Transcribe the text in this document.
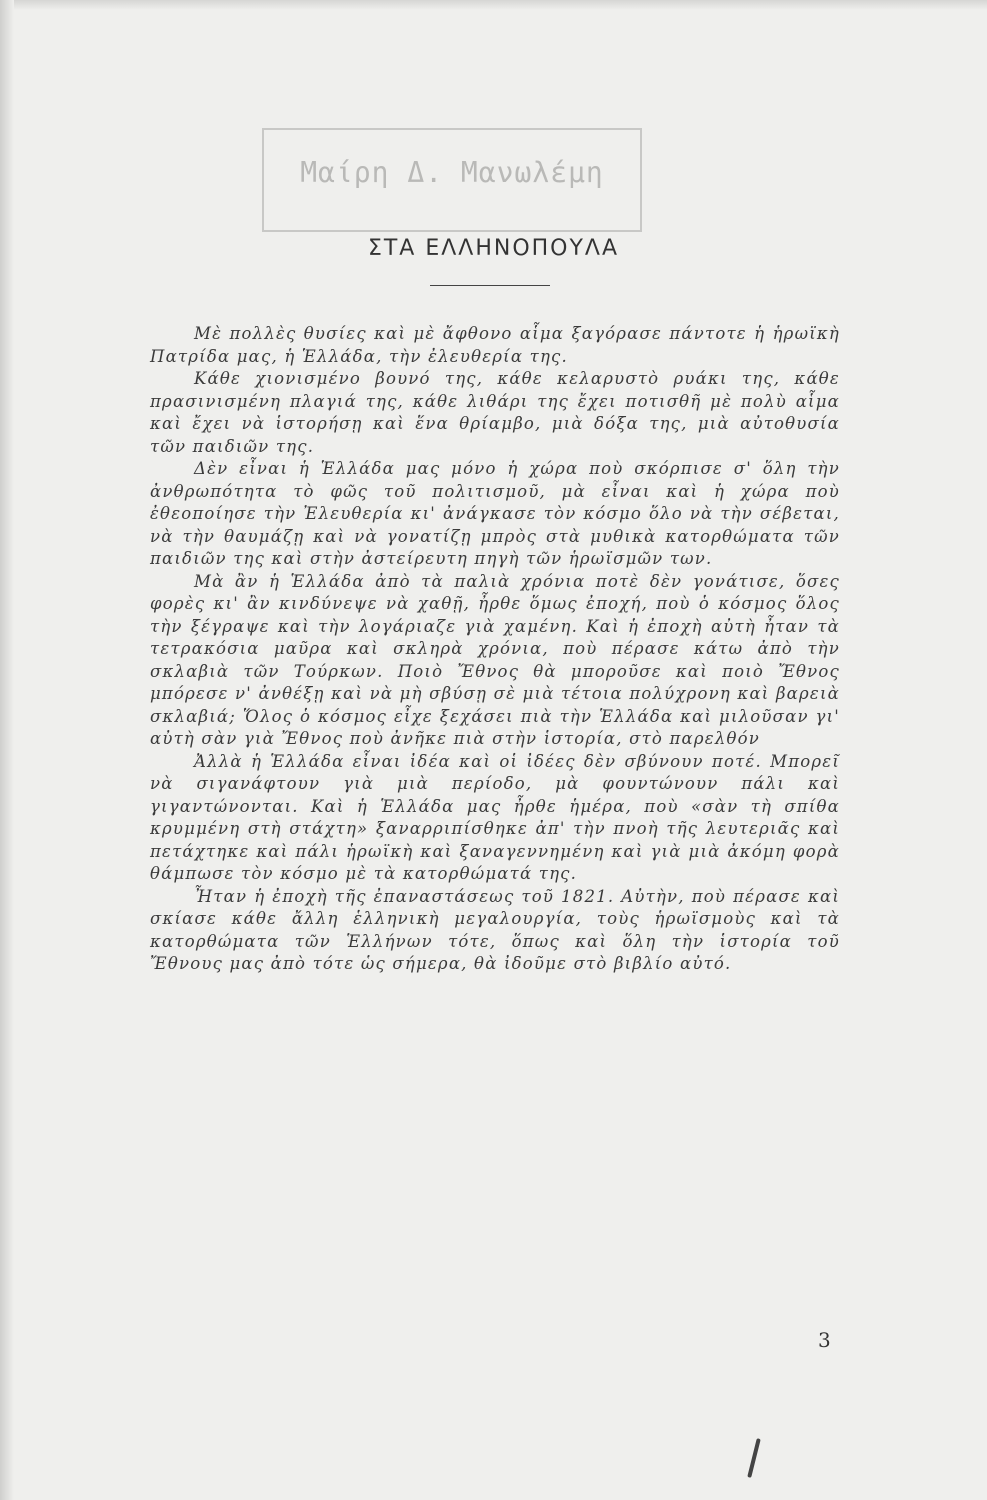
Μαίρη Δ. Μανωλέμη
ΣΤΑ ΕΛΛΗΝΟΠΟΥΛΑ

Μὲ πολλὲς θυσίες καὶ μὲ ἄφθονο αἷμα ξαγόρασε πάντοτε ἡ ἡρωϊκὴ Πατρίδα μας, ἡ Ἑλλάδα, τὴν ἐλευθερία της.

Κάθε χιονισμένο βουνό της, κάθε κελαρυστὸ ρυάκι της, κάθε πρασινισμένη πλαγιά της, κάθε λιθάρι της ἔχει ποτισθῆ μὲ πολὺ αἷμα καὶ ἔχει νὰ ἱστορήσῃ καὶ ἕνα θρίαμβο, μιὰ δόξα της, μιὰ αὐτοθυσία τῶν παιδιῶν της.

Δὲν εἶναι ἡ Ἑλλάδα μας μόνο ἡ χώρα ποὺ σκόρπισε σ' ὅλη τὴν ἀνθρωπότητα τὸ φῶς τοῦ πολιτισμοῦ, μὰ εἶναι καὶ ἡ χώρα ποὺ ἐθεοποίησε τὴν Ἐλευθερία κι' ἀνάγκασε τὸν κόσμο ὅλο νὰ τὴν σέβεται, νὰ τὴν θαυμάζῃ καὶ νὰ γονατίζῃ μπρὸς στὰ μυθικὰ κατορθώματα τῶν παιδιῶν της καὶ στὴν ἀστείρευτη πηγὴ τῶν ἡρωϊσμῶν των.

Μὰ ἂν ἡ Ἑλλάδα ἀπὸ τὰ παλιὰ χρόνια ποτὲ δὲν γονάτισε, ὅσες φορὲς κι' ἂν κινδύνεψε νὰ χαθῇ, ἦρθε ὅμως ἐποχή, ποὺ ὁ κόσμος ὅλος τὴν ξέγραψε καὶ τὴν λογάριαζε γιὰ χαμένη. Καὶ ἡ ἐποχὴ αὐτὴ ἦταν τὰ τετρακόσια μαῦρα καὶ σκληρὰ χρόνια, ποὺ πέρασε κάτω ἀπὸ τὴν σκλαβιὰ τῶν Τούρκων. Ποιὸ Ἔθνος θὰ μποροῦσε καὶ ποιὸ Ἔθνος μπόρεσε ν' ἀνθέξῃ καὶ νὰ μὴ σβύσῃ σὲ μιὰ τέτοια πολύχρονη καὶ βαρειὰ σκλαβιά; Ὅλος ὁ κόσμος εἶχε ξεχάσει πιὰ τὴν Ἑλλάδα καὶ μιλοῦσαν γι' αὐτὴ σὰν γιὰ Ἔθνος ποὺ ἀνῆκε πιὰ στὴν ἱστορία, στὸ παρελθόν

Ἀλλὰ ἡ Ἑλλάδα εἶναι ἰδέα καὶ οἱ ἰδέες δὲν σβύνουν ποτέ. Μπορεῖ νὰ σιγανάφτουν γιὰ μιὰ περίοδο, μὰ φουντώνουν πάλι καὶ γιγαντώνονται. Καὶ ἡ Ἑλλάδα μας ἦρθε ἡμέρα, ποὺ «σὰν τὴ σπίθα κρυμμένη στὴ στάχτη» ξαναρριπίσθηκε ἀπ' τὴν πνοὴ τῆς λευτεριᾶς καὶ πετάχτηκε καὶ πάλι ἡρωϊκὴ καὶ ξαναγεννημένη καὶ γιὰ μιὰ ἀκόμη φορὰ θάμπωσε τὸν κόσμο μὲ τὰ κατορθώματά της.

Ἦταν ἡ ἐποχὴ τῆς ἐπαναστάσεως τοῦ 1821. Αὐτὴν, ποὺ πέρασε καὶ σκίασε κάθε ἄλλη ἑλληνικὴ μεγαλουργία, τοὺς ἡρωϊσμοὺς καὶ τὰ κατορθώματα τῶν Ἑλλήνων τότε, ὅπως καὶ ὅλη τὴν ἱστορία τοῦ Ἔθνους μας ἀπὸ τότε ὡς σήμερα, θὰ ἰδοῦμε στὸ βιβλίο αὐτό.

3
